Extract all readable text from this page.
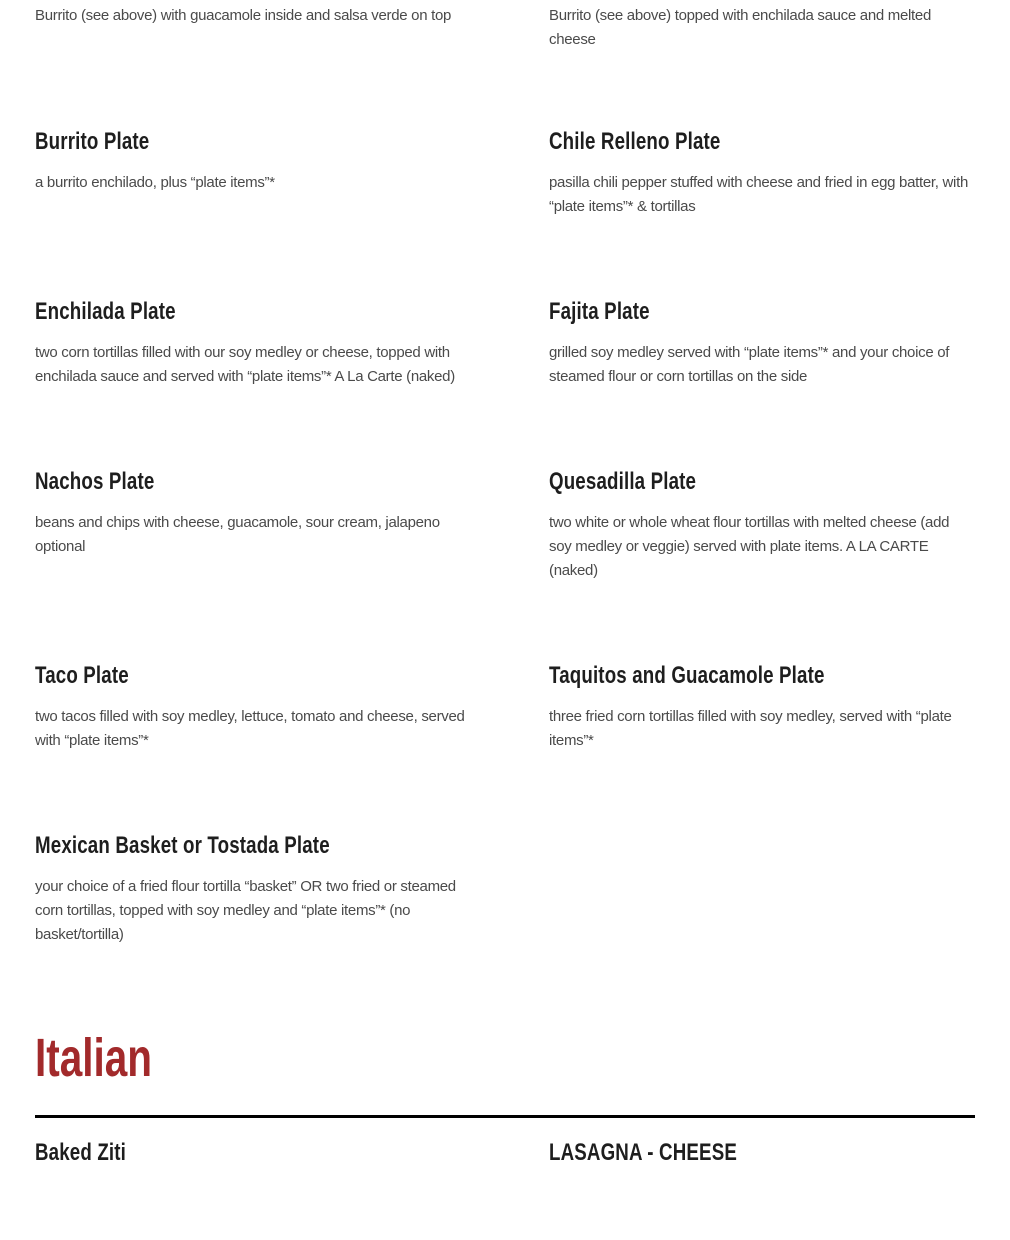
Burrito (see above) with guacamole inside and salsa verde on top	Burrito (see above) topped with enchilada sauce and melted cheese

Burrito Plate

a burrito enchilado, plus “plate items”*

Chile Relleno Plate

pasilla chili pepper stuffed with cheese and fried in egg batter, with “plate items”* & tortillas

Enchilada Plate

two corn tortillas filled with our soy medley or cheese, topped with enchilada sauce and served with “plate items”* A La Carte (naked)

Fajita Plate

grilled soy medley served with “plate items”* and your choice of steamed flour or corn tortillas on the side

Nachos Plate

beans and chips with cheese, guacamole, sour cream, jalapeno optional

Quesadilla Plate

two white or whole wheat flour tortillas with melted cheese (add soy medley or veggie) served with plate items. A LA CARTE (naked)

Taco Plate

two tacos filled with soy medley, lettuce, tomato and cheese, served with “plate items”*

Taquitos and Guacamole Plate

three fried corn tortillas filled with soy medley, served with “plate items”*

Mexican Basket or Tostada Plate

your choice of a fried flour tortilla “basket” OR two fried or steamed corn tortillas, topped with soy medley and “plate items”* (no basket/tortilla)

Italian
Baked Ziti	LASAGNA - CHEESE
